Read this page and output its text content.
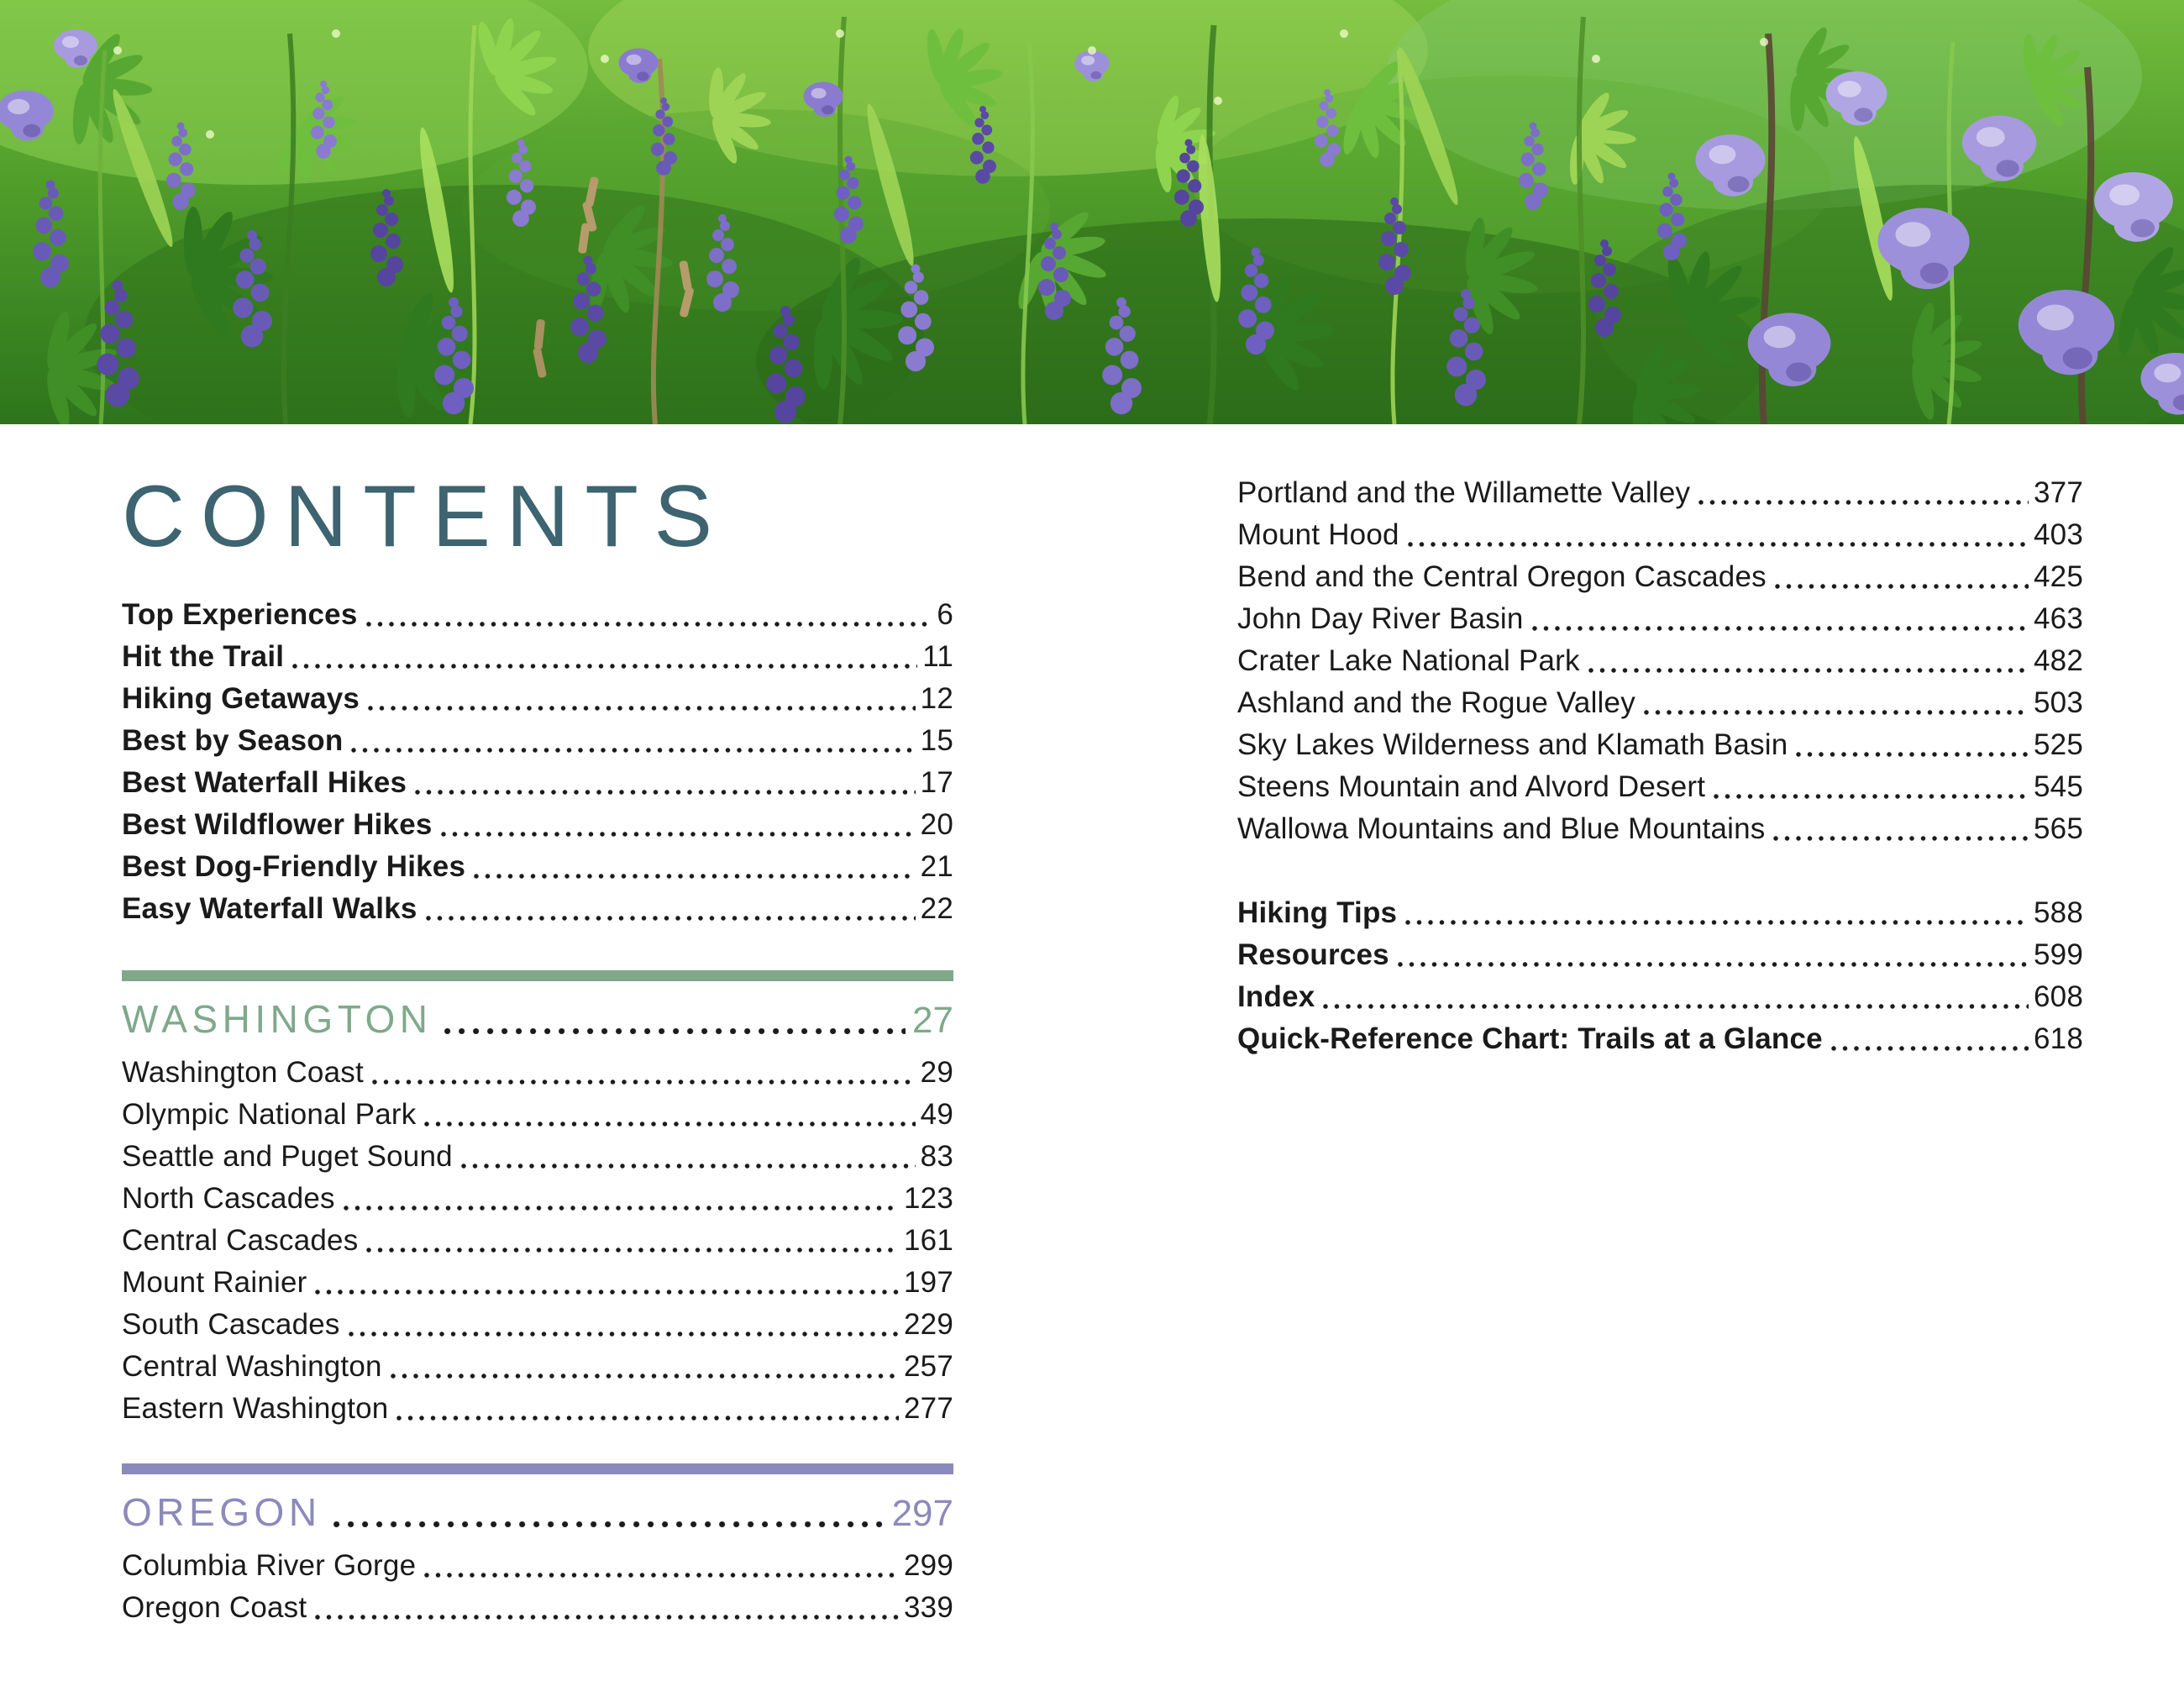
CONTENTS
Top Experiences	6
Hit the Trail	11
Hiking Getaways	12
Best by Season	15
Best Waterfall Hikes	17
Best Wildflower Hikes	20
Best Dog-Friendly Hikes	21
Easy Waterfall Walks	22
WASHINGTON	27
Washington Coast	29
Olympic National Park	49
Seattle and Puget Sound	83
North Cascades	123
Central Cascades	161
Mount Rainier	197
South Cascades	229
Central Washington	257
Eastern Washington	277
OREGON	297
Columbia River Gorge	299
Oregon Coast	339
Portland and the Willamette Valley	377
Mount Hood	403
Bend and the Central Oregon Cascades	425
John Day River Basin	463
Crater Lake National Park	482
Ashland and the Rogue Valley	503
Sky Lakes Wilderness and Klamath Basin	525
Steens Mountain and Alvord Desert	545
Wallowa Mountains and Blue Mountains	565
Hiking Tips	588
Resources	599
Index	608
Quick-Reference Chart: Trails at a Glance	618
